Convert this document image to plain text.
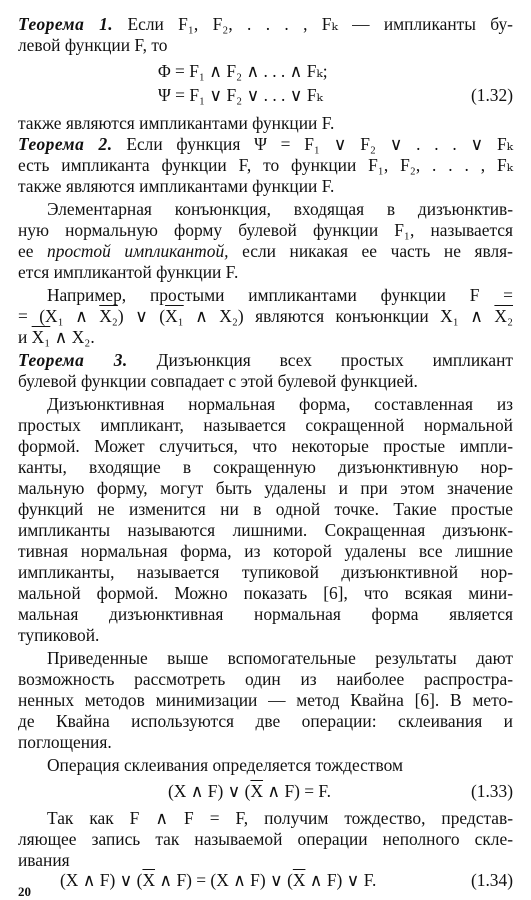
Теорема 1. Если F₁, F₂, . . . , Fₖ — импликанты бу-
левой функции F, то
Φ = F₁ ∧ F₂ ∧ . . . ∧ Fₖ;
Ψ = F₁ ∨ F₂ ∨ . . . ∨ Fₖ	(1.32)
также являются импликантами функции F.
Теорема 2. Если функция Ψ = F₁ ∨ F₂ ∨ . . . ∨ Fₖ
есть импликанта функции F, то функции F₁, F₂, . . . , Fₖ
также являются импликантами функции F.
Элементарная конъюнкция, входящая в дизъюнктив-
ную нормальную форму булевой функции F₁, называется
ее простой импликантой, если никакая ее часть не явля-
ется импликантой функции F.
Например, простыми импликантами функции F =
= (X₁ ∧ X₂) ∨ (X₁ ∧ X₂) являются конъюнкции X₁ ∧ X₂
и X₁ ∧ X₂.
Теорема 3. Дизъюнкция всех простых импликант
булевой функции совпадает с этой булевой функцией.
Дизъюнктивная нормальная форма, составленная из
простых импликант, называется сокращенной нормальной
формой. Может случиться, что некоторые простые импли-
канты, входящие в сокращенную дизъюнктивную нор-
мальную форму, могут быть удалены и при этом значение
функций не изменится ни в одной точке. Такие простые
импликанты называются лишними. Сокращенная дизъюнк-
тивная нормальная форма, из которой удалены все лишние
импликанты, называется тупиковой дизъюнктивной нор-
мальной формой. Можно показать [6], что всякая мини-
мальная дизъюнктивная нормальная форма является
тупиковой.
Приведенные выше вспомогательные результаты дают
возможность рассмотреть один из наиболее распростра-
ненных методов минимизации — метод Квайна [6]. В мето-
де Квайна используются две операции: склеивания и
поглощения.
Операция склеивания определяется тождеством
(X ∧ F) ∨ ($\overline{X}$ ∧ F) = F.	(1.33)
Так как F ∧ F = F, получим тождество, представ-
ляющее запись так называемой операции неполного скле-
ивания
(X ∧ F) ∨ ($\overline{X}$ ∧ F) = (X ∧ F) ∨ ($\overline{X}$ ∧ F) ∨ F.	(1.34)
20
